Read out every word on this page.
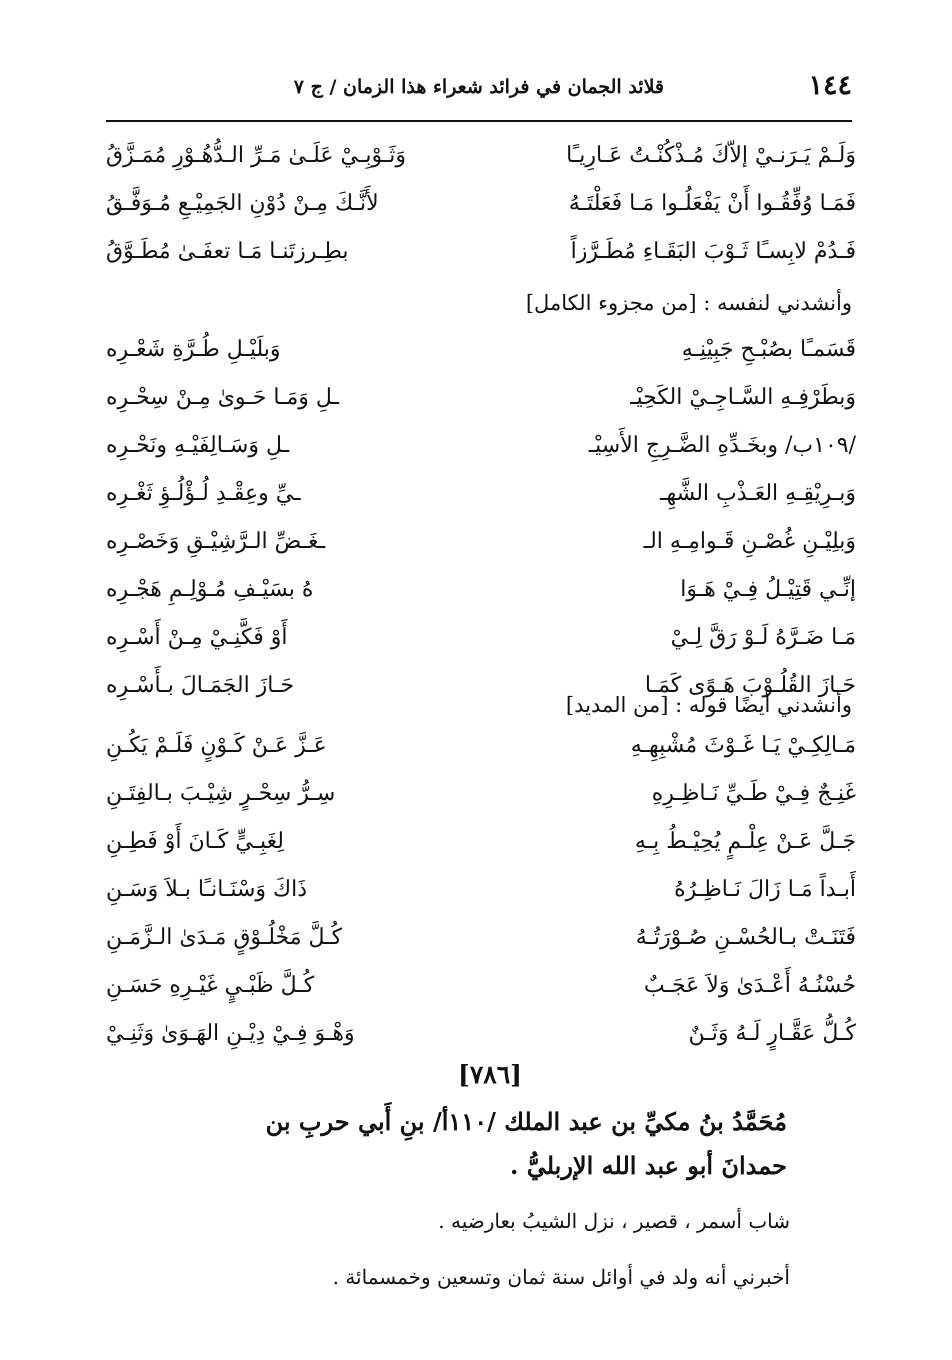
١٤٤
قلائد الجمان في فرائد شعراء هذا الزمان / ج ٧
وَلَـمْ يَـرَنـيْ إلاّكَ مُـذْكُنْـتُ عَـارِيـًا
وَثَـوْبِـيْ عَلَـىٰ مَـرِّ الـدُّهُـوْرِ مُمَـزَّقُ
فَمَـا وُفِّقُـوا أَنْ يَفْعَلُـوا مَـا فَعَلْتَـهُ
لأَنَّـكَ مِـنْ دُوْنِ الجَمِيْـعِ مُـوَفَّـقُ
فَـدُمْ لابِسـًا ثَـوْبَ البَقَـاءِ مُطَـرَّزاً
بطِـرزتَنـا مَـا تعفَـىٰ مُطَـوَّقُ
وأنشدني لنفسه : [من مجزوء الكامل]
قَسَمـًا بصُبْـحِ جَبِيْنِـهِ
وَبلَيْـلِ طُـرَّةِ شَعْـرِه
وَبطَرْفِـهِ السَّـاجِـيْ الكَحِيْـ
ـلِ وَمَـا حَـوىٰ مِـنْ سِحْـرِه
/١٠٩ب/ وبخَـدِّهِ الضَّـرِجِ الأَسِيْـ
ـلِ وَسَـالِفَيْـهِ ونَحْـرِه
وَبـرِيْقِـهِ العَـذْبِ الشَّهِـ
ـيِّ وعِقْـدِ لُـؤْلُـؤِ ثَغْـرِه
وَبلِيْـنِ غُصْـنِ قَـوامِـهِ الـ
ـغَـضِّ الـرَّشِيْـقِ وَخَصْـرِه
إنِّـي قَتِيْـلُ فِـيْ هَـوَا
هُ بسَيْـفِ مُـوْلِـمِ هَجْـرِه
مَـا ضَـرَّهُ لَـوْ رَقَّ لِـيْ
أَوْ فَكَّنِـيْ مِـنْ أَسْـرِه
حَـازَ القُلُـوْبَ هَـوًى كَمَـا
حَـازَ الجَمَـالَ بـأَسْـرِه
وأنشدني أيضًا قوله : [من المديد]
مَـالِكِـيْ يَـا غَـوْثَ مُشْبِهِـهِ
عَـزَّ عَـنْ كَـوْنٍ فَلَـمْ يَكُـنِ
غَنِـجٌ فِـيْ طَـيِّ نَـاظِـرِهِ
سِـرُّ سِحْـرٍ شِيْـبَ بـالفِتَـنِ
جَـلَّ عَـنْ عِلْـمٍ يُحِيْـطُ بِـهِ
لِغَبِـيٍّ كَـانَ أَوْ فَطِـنِ
أَبـداً مَـا زَالَ نَـاظِـرُهُ
ذَاكَ وَسْنَـانـًا بـلاَ وَسَـنِ
فَتَنَـتْ بـالحُسْـنِ صُـوْرَتُـهُ
كُـلَّ مَخْلُـوْقٍ مَـدَىٰ الـزَّمَـنِ
حُسْنُـهُ أَعْـدَىٰ وَلاَ عَجَـبٌ
كُـلَّ ظَبْـيٍ غَيْـرِهِ حَسَـنِ
كُـلُّ عَقَّـارٍ لَـهُ وَثَـنٌ
وَهْـوَ فِـيْ دِيْـنِ الهَـوَىٰ وَثَنِـيْ
[٧٨٦]
مُحَمَّدُ بنُ مكيِّ بن عبد الملك /١١٠أ/ بنِ أَبي حربِ بن
حمدانَ أبو عبد الله الإربليُّ .
شاب أسمر ، قصير ، نزل الشيبُ بعارضيه .
أخبرني أنه ولد في أوائل سنة ثمان وتسعين وخمسمائة .
